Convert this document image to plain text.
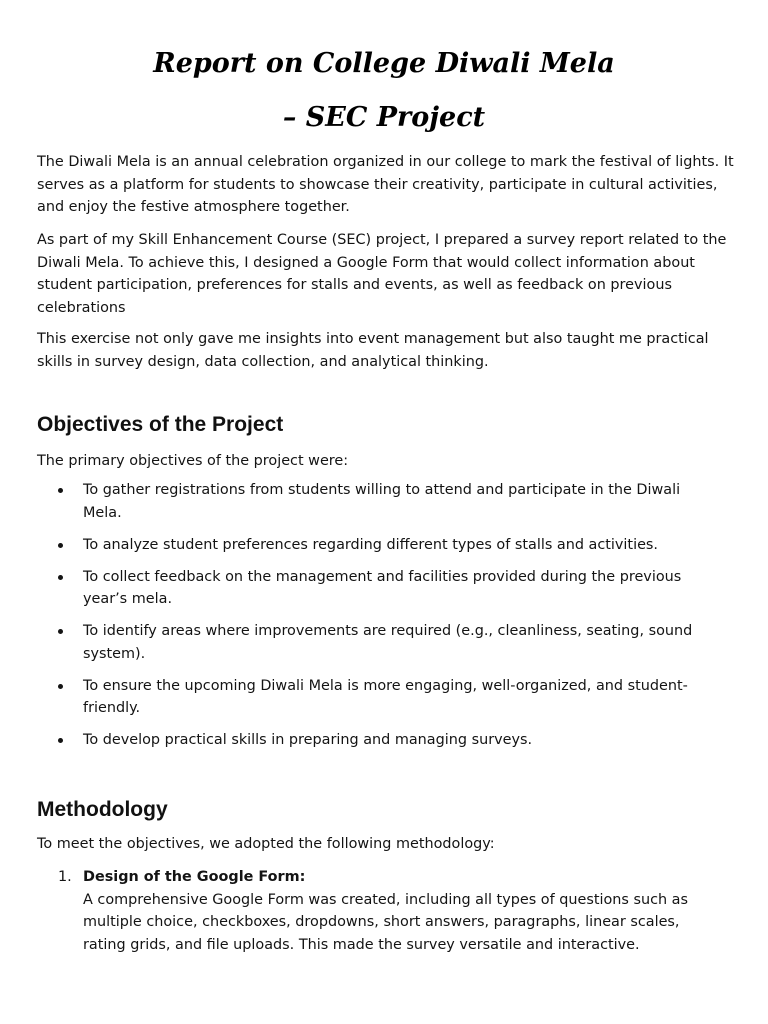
Report on College Diwali Mela
– SEC Project

The Diwali Mela is an annual celebration organized in our college to mark the festival of lights. It serves as a platform for students to showcase their creativity, participate in cultural activities, and enjoy the festive atmosphere together.

As part of my Skill Enhancement Course (SEC) project, I prepared a survey report related to the Diwali Mela. To achieve this, I designed a Google Form that would collect information about student participation, preferences for stalls and events, as well as feedback on previous celebrations

This exercise not only gave me insights into event management but also taught me practical skills in survey design, data collection, and analytical thinking.

Objectives of the Project

The primary objectives of the project were:

To gather registrations from students willing to attend and participate in the Diwali Mela.
To analyze student preferences regarding different types of stalls and activities.
To collect feedback on the management and facilities provided during the previous year’s mela.
To identify areas where improvements are required (e.g., cleanliness, seating, sound system).
To ensure the upcoming Diwali Mela is more engaging, well-organized, and student-friendly.
To develop practical skills in preparing and managing surveys.
Methodology

To meet the objectives, we adopted the following methodology:

1. Design of the Google Form:
A comprehensive Google Form was created, including all types of questions such as multiple choice, checkboxes, dropdowns, short answers, paragraphs, linear scales, rating grids, and file uploads. This made the survey versatile and interactive.
